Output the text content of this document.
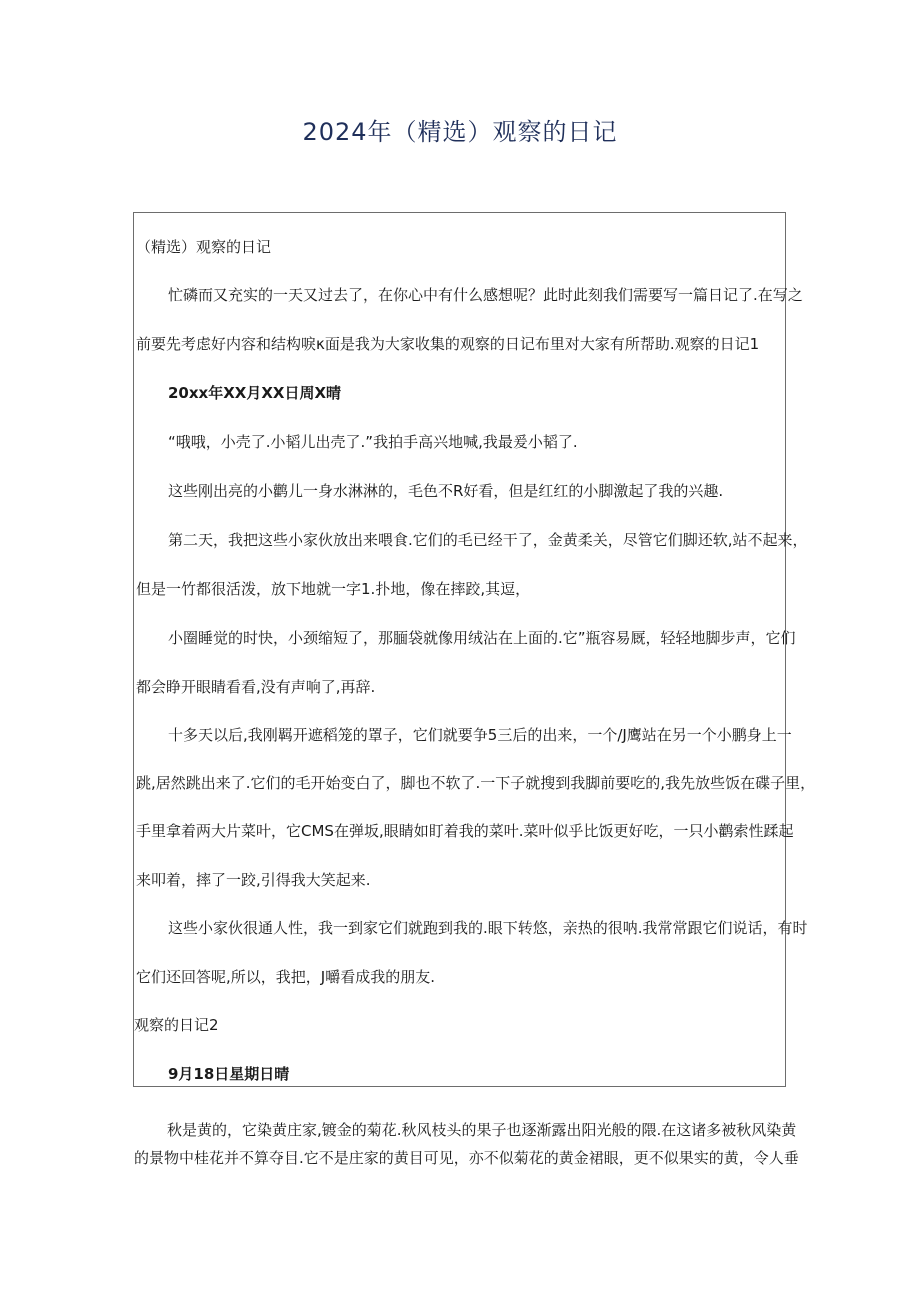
2024年（精选）观察的日记
（精选）观察的日记
忙磷而又充实的一天又过去了，在你心中有什么感想呢？此时此刻我们需要写一篇日记了.在写之
前要先考虑好内容和结构唳κ面是我为大家收集的观察的日记布里对大家有所帮助.观察的日记1
20xx年XX月XX日周X晴
“哦哦，小壳了.小韬儿出壳了.”我拍手高兴地喊,我最爰小韬了.
这些刚出亮的小鹳儿一身水淋淋的，毛色不R好看，但是红红的小脚激起了我的兴趣.
第二天，我把这些小家伙放出来喂食.它们的毛已经干了，金黄柔关，尽管它们脚还软,站不起来，
但是一竹都很活泼，放下地就一字1.扑地，像在摔跤,其逗，
小圈睡觉的时快，小颈缩短了，那腼袋就像用绒沾在上面的.它”瓶容易厩，轻轻地脚步声，它们
都会睁开眼睛看看,没有声响了,再辞.
十多天以后,我刚羁开遮稻笼的罩子，它们就要争5三后的出来，一个/J鹰站在另一个小鹏身上一
跳,居然跳出来了.它们的毛开始变白了，脚也不软了.一下子就搜到我脚前要吃的,我先放些饭在碟子里，
手里拿着两大片菜叶，它CMS在弹坂,眼睛如盯着我的菜叶.菜叶似乎比饭更好吃，一只小鹳索性蹂起
来叩着，摔了一跤,引得我大笑起来.
这些小家伙很通人性，我一到家它们就跑到我的.眼下转悠，亲热的很呐.我常常跟它们说话，有时
它们还回答呢,所以，我把，J嚼看成我的朋友.
观察的日记2
9月18日星期日晴
秋是黄的，它染黄庄家,镀金的菊花.秋风枝头的果子也逐渐露出阳光般的隈.在这诸多被秋风染黄
的景物中桂花并不算夺目.它不是庄家的黄目可见，亦不似菊花的黄金裙眼，更不似果实的黄，令人垂
